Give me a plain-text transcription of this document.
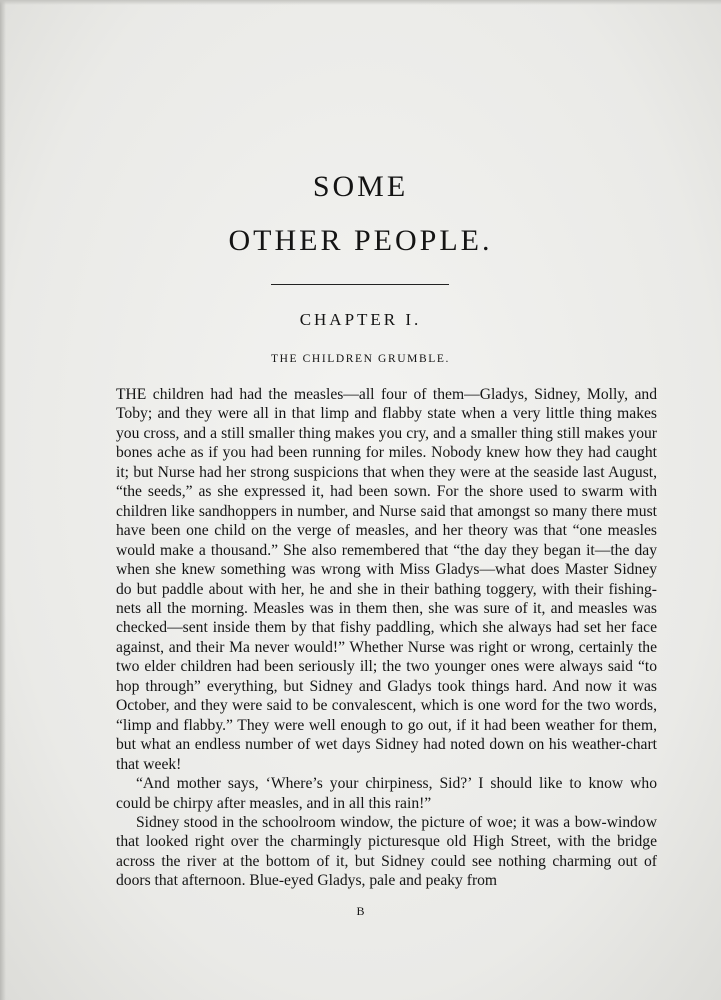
SOME
OTHER PEOPLE.
CHAPTER I.
THE CHILDREN GRUMBLE.

THE children had had the measles—all four of them—Gladys, Sidney, Molly, and Toby; and they were all in that limp and flabby state when a very little thing makes you cross, and a still smaller thing makes you cry, and a smaller thing still makes your bones ache as if you had been running for miles. Nobody knew how they had caught it; but Nurse had her strong suspicions that when they were at the seaside last August, “the seeds,” as she expressed it, had been sown. For the shore used to swarm with children like sandhoppers in number, and Nurse said that amongst so many there must have been one child on the verge of measles, and her theory was that “one measles would make a thousand.” She also remembered that “the day they began it—the day when she knew something was wrong with Miss Gladys—what does Master Sidney do but paddle about with her, he and she in their bathing toggery, with their fishing-nets all the morning. Measles was in them then, she was sure of it, and measles was checked—sent inside them by that fishy paddling, which she always had set her face against, and their Ma never would!” Whether Nurse was right or wrong, certainly the two elder children had been seriously ill; the two younger ones were always said “to hop through” everything, but Sidney and Gladys took things hard. And now it was October, and they were said to be convalescent, which is one word for the two words, “limp and flabby.” They were well enough to go out, if it had been weather for them, but what an endless number of wet days Sidney had noted down on his weather-chart that week!

“And mother says, ‘Where’s your chirpiness, Sid?’ I should like to know who could be chirpy after measles, and in all this rain!”

Sidney stood in the schoolroom window, the picture of woe; it was a bow-window that looked right over the charmingly picturesque old High Street, with the bridge across the river at the bottom of it, but Sidney could see nothing charming out of doors that afternoon. Blue-eyed Gladys, pale and peaky from

B
